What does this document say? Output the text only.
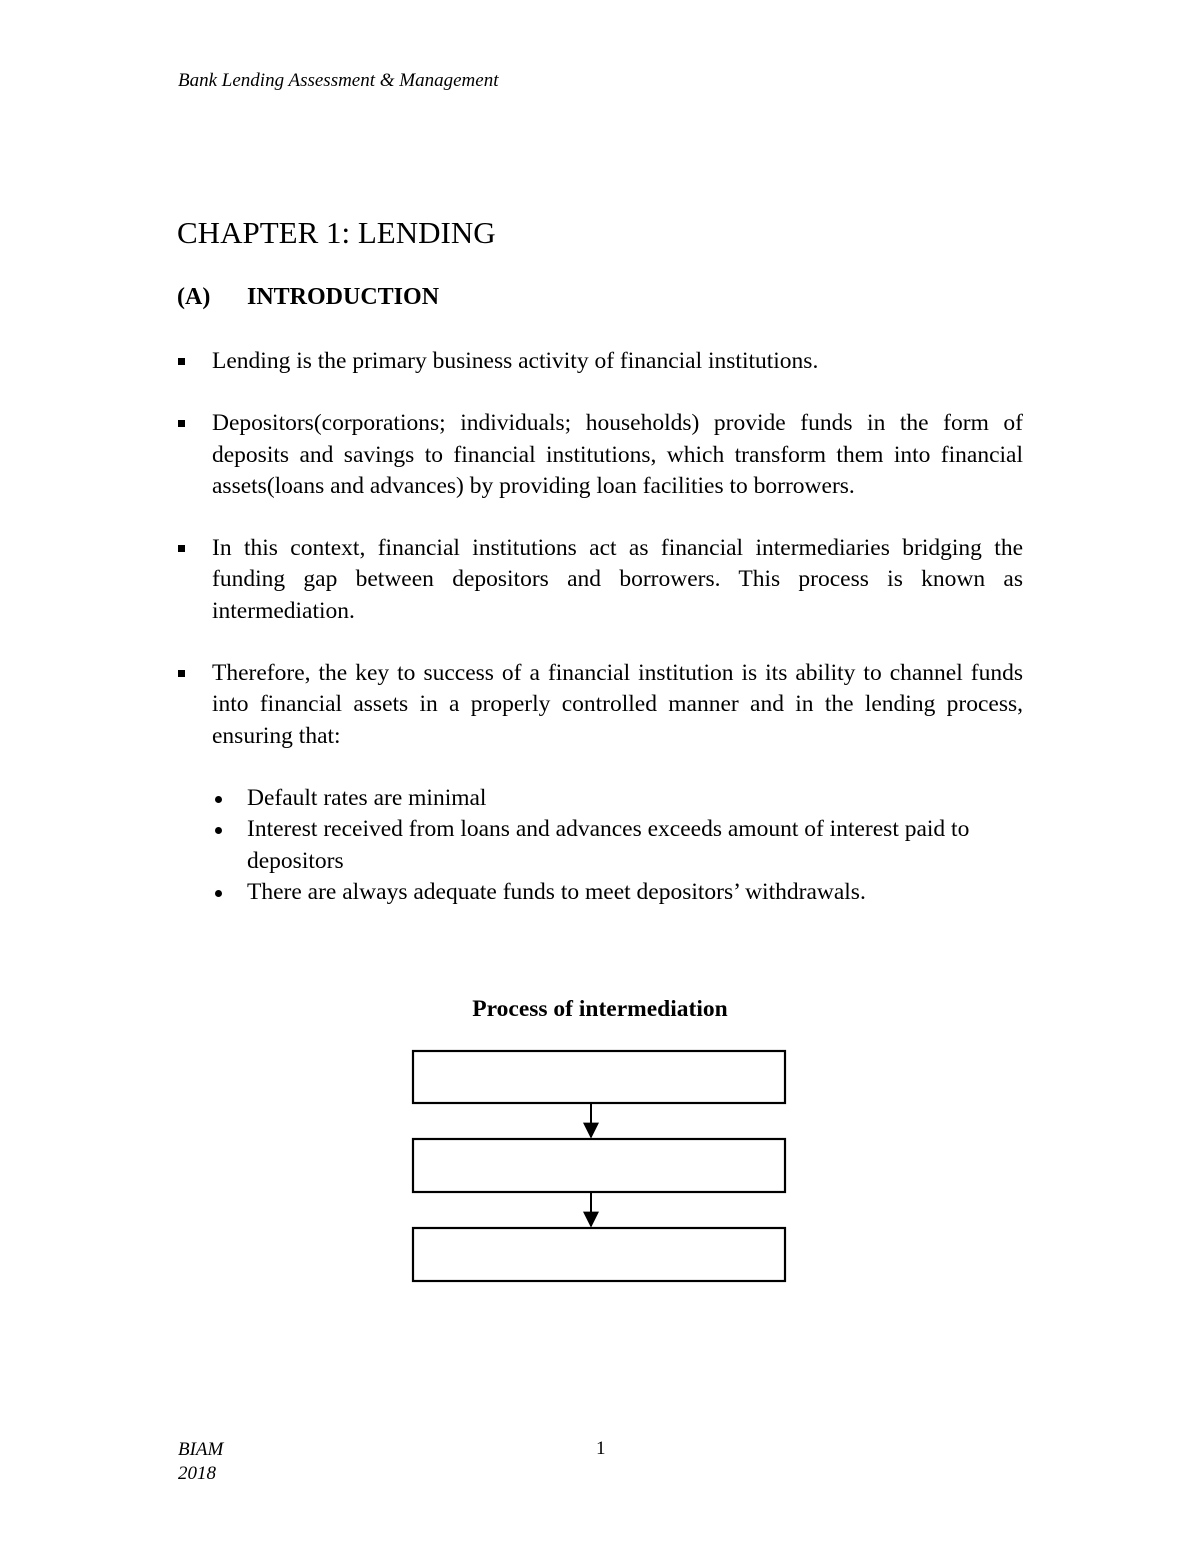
Bank Lending Assessment & Management
CHAPTER 1: LENDING
(A) INTRODUCTION
Lending is the primary business activity of financial institutions.
Depositors(corporations; individuals; households) provide funds in the form of deposits and savings to financial institutions, which transform them into financial assets(loans and advances) by providing loan facilities to borrowers.
In this context, financial institutions act as financial intermediaries bridging the funding gap between depositors and borrowers. This process is known as intermediation.
Therefore, the key to success of a financial institution is its ability to channel funds into financial assets in a properly controlled manner and in the lending process, ensuring that:
Default rates are minimal
Interest received from loans and advances exceeds amount of interest paid to depositors
There are always adequate funds to meet depositors’ withdrawals.
Process of intermediation
BIAM
2018
1
